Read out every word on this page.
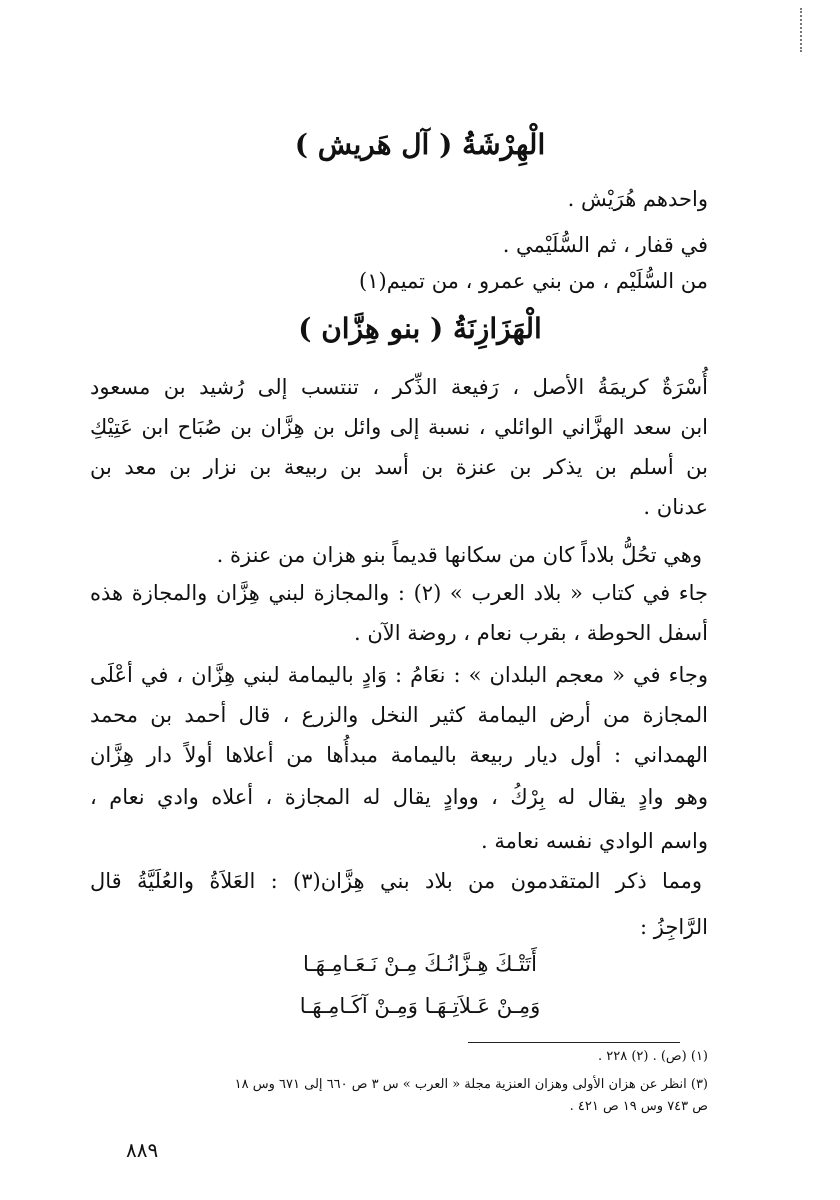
الْهِرْشَةُ ( آل هَريش )
واحدهم هُرَيْش .
في قفار ، ثم السُّلَيْمي .
من السُّلَيْم ، من بني عمرو ، من تميم(١)
الْهَزَازِنَةُ ( بنو هِزَّان )
أُسْرَةٌ كريمَةُ الأصل ، رَفيعة الذِّكر ، تنتسب إلى رُشيد بن مسعود
ابن سعد الهزَّاني الوائلي ، نسبة إلى وائل بن هِزَّان بن صُبَاح ابن عَتِيْكِ
بن أسلم بن يذكر بن عنزة بن أسد بن ربيعة بن نزار بن معد بن
عدنان .
وهي تحُلُّ بلاداً كان من سكانها قديماً بنو هزان من عنزة .
جاء في كتاب « بلاد العرب » (٢) : والمجازة لبني هِزَّان والمجازة هذه
أسفل الحوطة ، بقرب نعام ، روضة الآن .
وجاء في « معجم البلدان » : نعَامُ : وَادٍ باليمامة لبني هِزَّان ، في أعْلَى
المجازة من أرض اليمامة كثير النخل والزرع ، قال أحمد بن محمد
الهمداني : أول ديار ربيعة باليمامة مبدأُها من أعلاها أولاً دار هِزَّان
وهو وادٍ يقال له بِرْكُ ، ووادٍ يقال له المجازة ، أعلاه وادي نعام ،
واسم الوادي نفسه نعامة .
ومما ذكر المتقدمون من بلاد بني هِزَّان(٣) : العَلاَةُ والعُلَيَّةُ قال
الرَّاجِزُ :
أَتَتْـكَ هِـزَّانُـكَ مِـنْ نَـعَـامِـهَـا
وَمِـنْ عَـلاَتِـهَـا وَمِـنْ آكَـامِـهَـا
(١) (ص) . (٢) ٢٢٨ .
(٣) انظر عن هزان الأولى وهزان العنزية مجلة « العرب » س ٣ ص ٦٦٠ إلى ٦٧١ وس ١٨
ص ٧٤٣ وس ١٩ ص ٤٢١ .
٨٨٩
